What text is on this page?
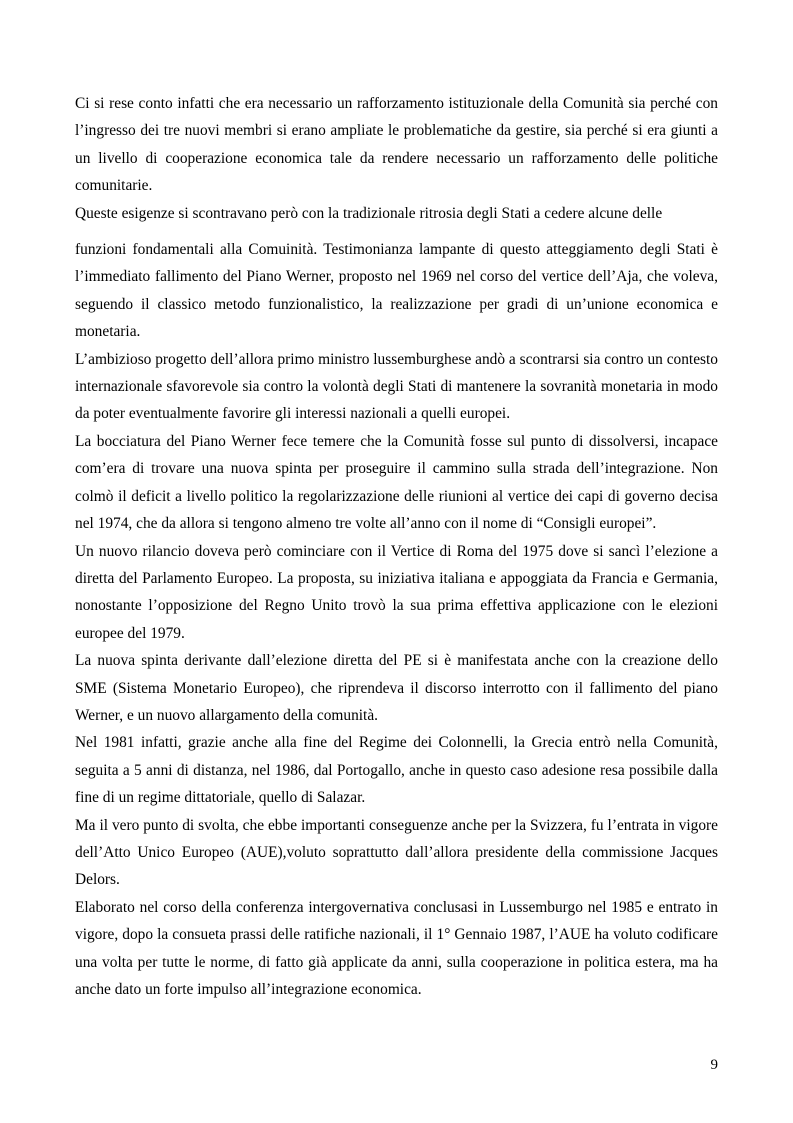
Ci si rese conto infatti che era necessario un rafforzamento istituzionale della Comunità sia perché con l’ingresso dei tre nuovi membri si erano ampliate le problematiche da gestire, sia perché si era giunti a un livello di cooperazione economica tale da rendere necessario un rafforzamento delle politiche comunitarie.

Queste esigenze si scontravano però con la tradizionale ritrosia degli Stati a cedere alcune delle

funzioni fondamentali alla Comuinità. Testimonianza lampante di questo atteggiamento degli Stati è l’immediato fallimento del Piano Werner, proposto nel 1969 nel corso del vertice dell’Aja, che voleva, seguendo il classico metodo funzionalistico, la realizzazione per gradi di un’unione economica e monetaria.

L’ambizioso progetto dell’allora primo ministro lussemburghese andò a scontrarsi sia contro un contesto internazionale sfavorevole sia contro la volontà degli Stati di mantenere la sovranità monetaria in modo da poter eventualmente favorire gli interessi nazionali a quelli europei.

La bocciatura del Piano Werner fece temere che la Comunità fosse sul punto di dissolversi, incapace com’era di trovare una nuova spinta per proseguire il cammino sulla strada dell’integrazione. Non colmò il deficit a livello politico la regolarizzazione delle riunioni al vertice dei capi di governo decisa nel 1974, che da allora si tengono almeno tre volte all’anno con il nome di “Consigli europei”.

Un nuovo rilancio doveva però cominciare con il Vertice di Roma del 1975 dove si sancì l’elezione a diretta del Parlamento Europeo. La proposta, su iniziativa italiana e appoggiata da Francia e Germania, nonostante l’opposizione del Regno Unito trovò la sua prima effettiva applicazione con le elezioni europee del 1979.

La nuova spinta derivante dall’elezione diretta del PE si è manifestata anche con la creazione dello SME (Sistema Monetario Europeo), che riprendeva il discorso interrotto con il fallimento del piano Werner, e un nuovo allargamento della comunità.

Nel 1981 infatti, grazie anche alla fine del Regime dei Colonnelli, la Grecia entrò nella Comunità, seguita a 5 anni di distanza, nel 1986, dal Portogallo, anche in questo caso adesione resa possibile dalla fine di un regime dittatoriale, quello di Salazar.

Ma il vero punto di svolta, che ebbe importanti conseguenze anche per la Svizzera, fu l’entrata in vigore dell’Atto Unico Europeo (AUE),voluto soprattutto dall’allora presidente della commissione Jacques Delors.

Elaborato nel corso della conferenza intergovernativa conclusasi in Lussemburgo nel 1985 e entrato in vigore, dopo la consueta prassi delle ratifiche nazionali, il 1° Gennaio 1987, l’AUE ha voluto codificare una volta per tutte le norme, di fatto già applicate da anni, sulla cooperazione in politica estera, ma ha anche dato un forte impulso all’integrazione economica.

9
